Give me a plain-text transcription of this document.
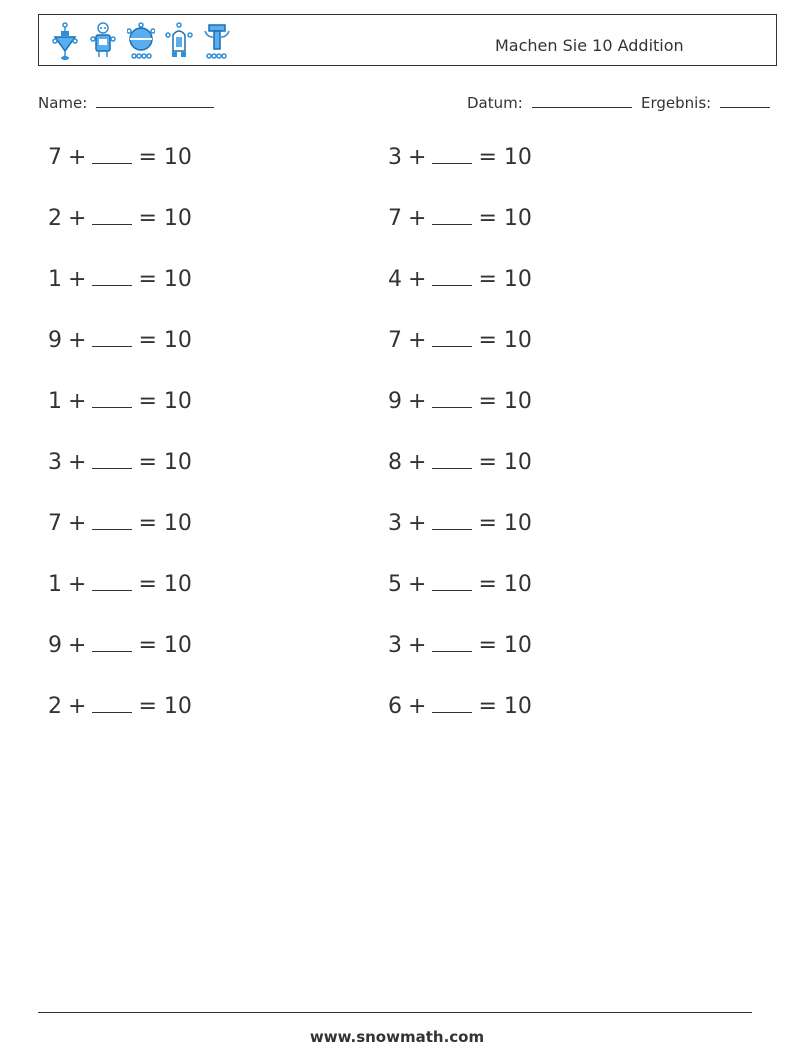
Machen Sie 10 Addition
Name:	Datum:	Ergebnis:
7 + = 10
2 + = 10
1 + = 10
9 + = 10
1 + = 10
3 + = 10
7 + = 10
1 + = 10
9 + = 10
2 + = 10
3 + = 10
7 + = 10
4 + = 10
7 + = 10
9 + = 10
8 + = 10
3 + = 10
5 + = 10
3 + = 10
6 + = 10
www.snowmath.com
